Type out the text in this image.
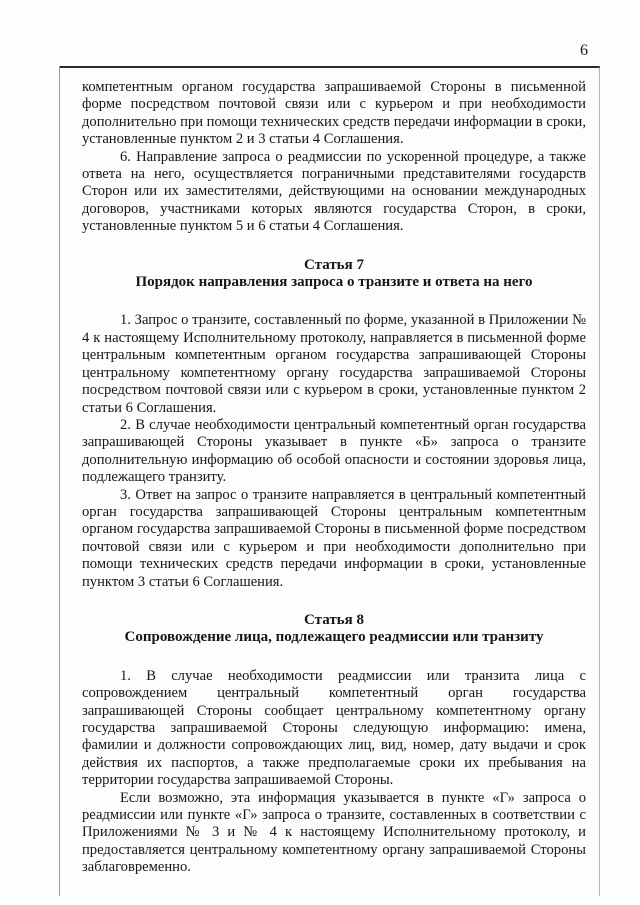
6

компетентным органом государства запрашиваемой Стороны в письменной форме посредством почтовой связи или с курьером и при необходимости дополнительно при помощи технических средств передачи информации в сроки, установленные пунктом 2 и 3 статьи 4 Соглашения.

6. Направление запроса о реадмиссии по ускоренной процедуре, а также ответа на него, осуществляется пограничными представителями государств Сторон или их заместителями, действующими на основании международных договоров, участниками которых являются государства Сторон, в сроки, установленные пунктом 5 и 6 статьи 4 Соглашения.

Статья 7
Порядок направления запроса о транзите и ответа на него

1. Запрос о транзите, составленный по форме, указанной в Приложении № 4 к настоящему Исполнительному протоколу, направляется в письменной форме центральным компетентным органом государства запрашивающей Стороны центральному компетентному органу государства запрашиваемой Стороны посредством почтовой связи или с курьером в сроки, установленные пунктом 2 статьи 6 Соглашения.

2. В случае необходимости центральный компетентный орган государства запрашивающей Стороны указывает в пункте «Б» запроса о транзите дополнительную информацию об особой опасности и состоянии здоровья лица, подлежащего транзиту.

3. Ответ на запрос о транзите направляется в центральный компетентный орган государства запрашивающей Стороны центральным компетентным органом государства запрашиваемой Стороны в письменной форме посредством почтовой связи или с курьером и при необходимости дополнительно при помощи технических средств передачи информации в сроки, установленные пунктом 3 статьи 6 Соглашения.

Статья 8
Сопровождение лица, подлежащего реадмиссии или транзиту

1. В случае необходимости реадмиссии или транзита лица с сопровождением центральный компетентный орган государства запрашивающей Стороны сообщает центральному компетентному органу государства запрашиваемой Стороны следующую информацию: имена, фамилии и должности сопровождающих лиц, вид, номер, дату выдачи и срок действия их паспортов, а также предполагаемые сроки их пребывания на территории государства запрашиваемой Стороны.

Если возможно, эта информация указывается в пункте «Г» запроса о реадмиссии или пункте «Г» запроса о транзите, составленных в соответствии с Приложениями № 3 и № 4 к настоящему Исполнительному протоколу, и предоставляется центральному компетентному органу запрашиваемой Стороны заблаговременно.
